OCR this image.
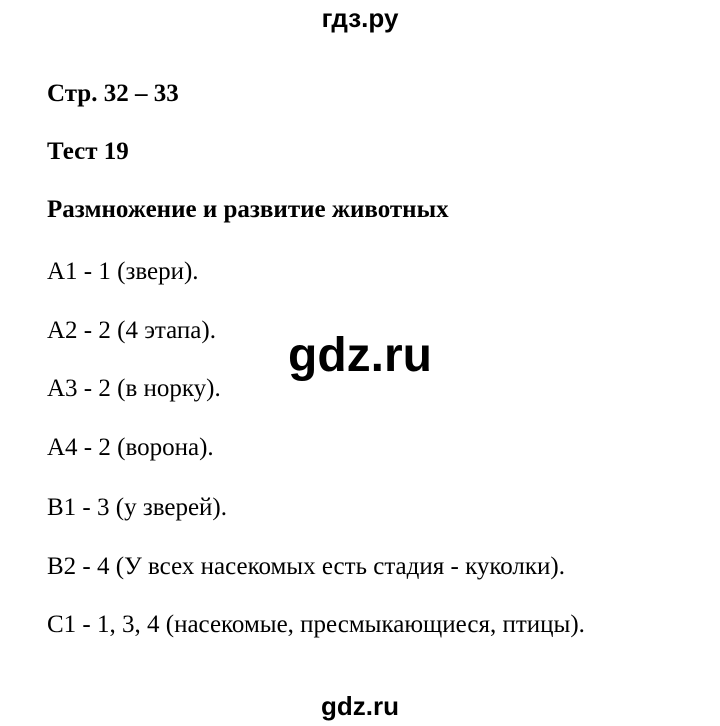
гдз.ру
Стр. 32 – 33
Тест 19
Размножение и развитие животных
А1 - 1 (звери).
А2 - 2 (4 этапа).
А3 - 2 (в норку).
А4 - 2 (ворона).
В1 - 3 (у зверей).
В2 - 4 (У всех насекомых есть стадия - куколки).
С1 - 1, 3, 4 (насекомые, пресмыкающиеся, птицы).
gdz.ru
gdz.ru
